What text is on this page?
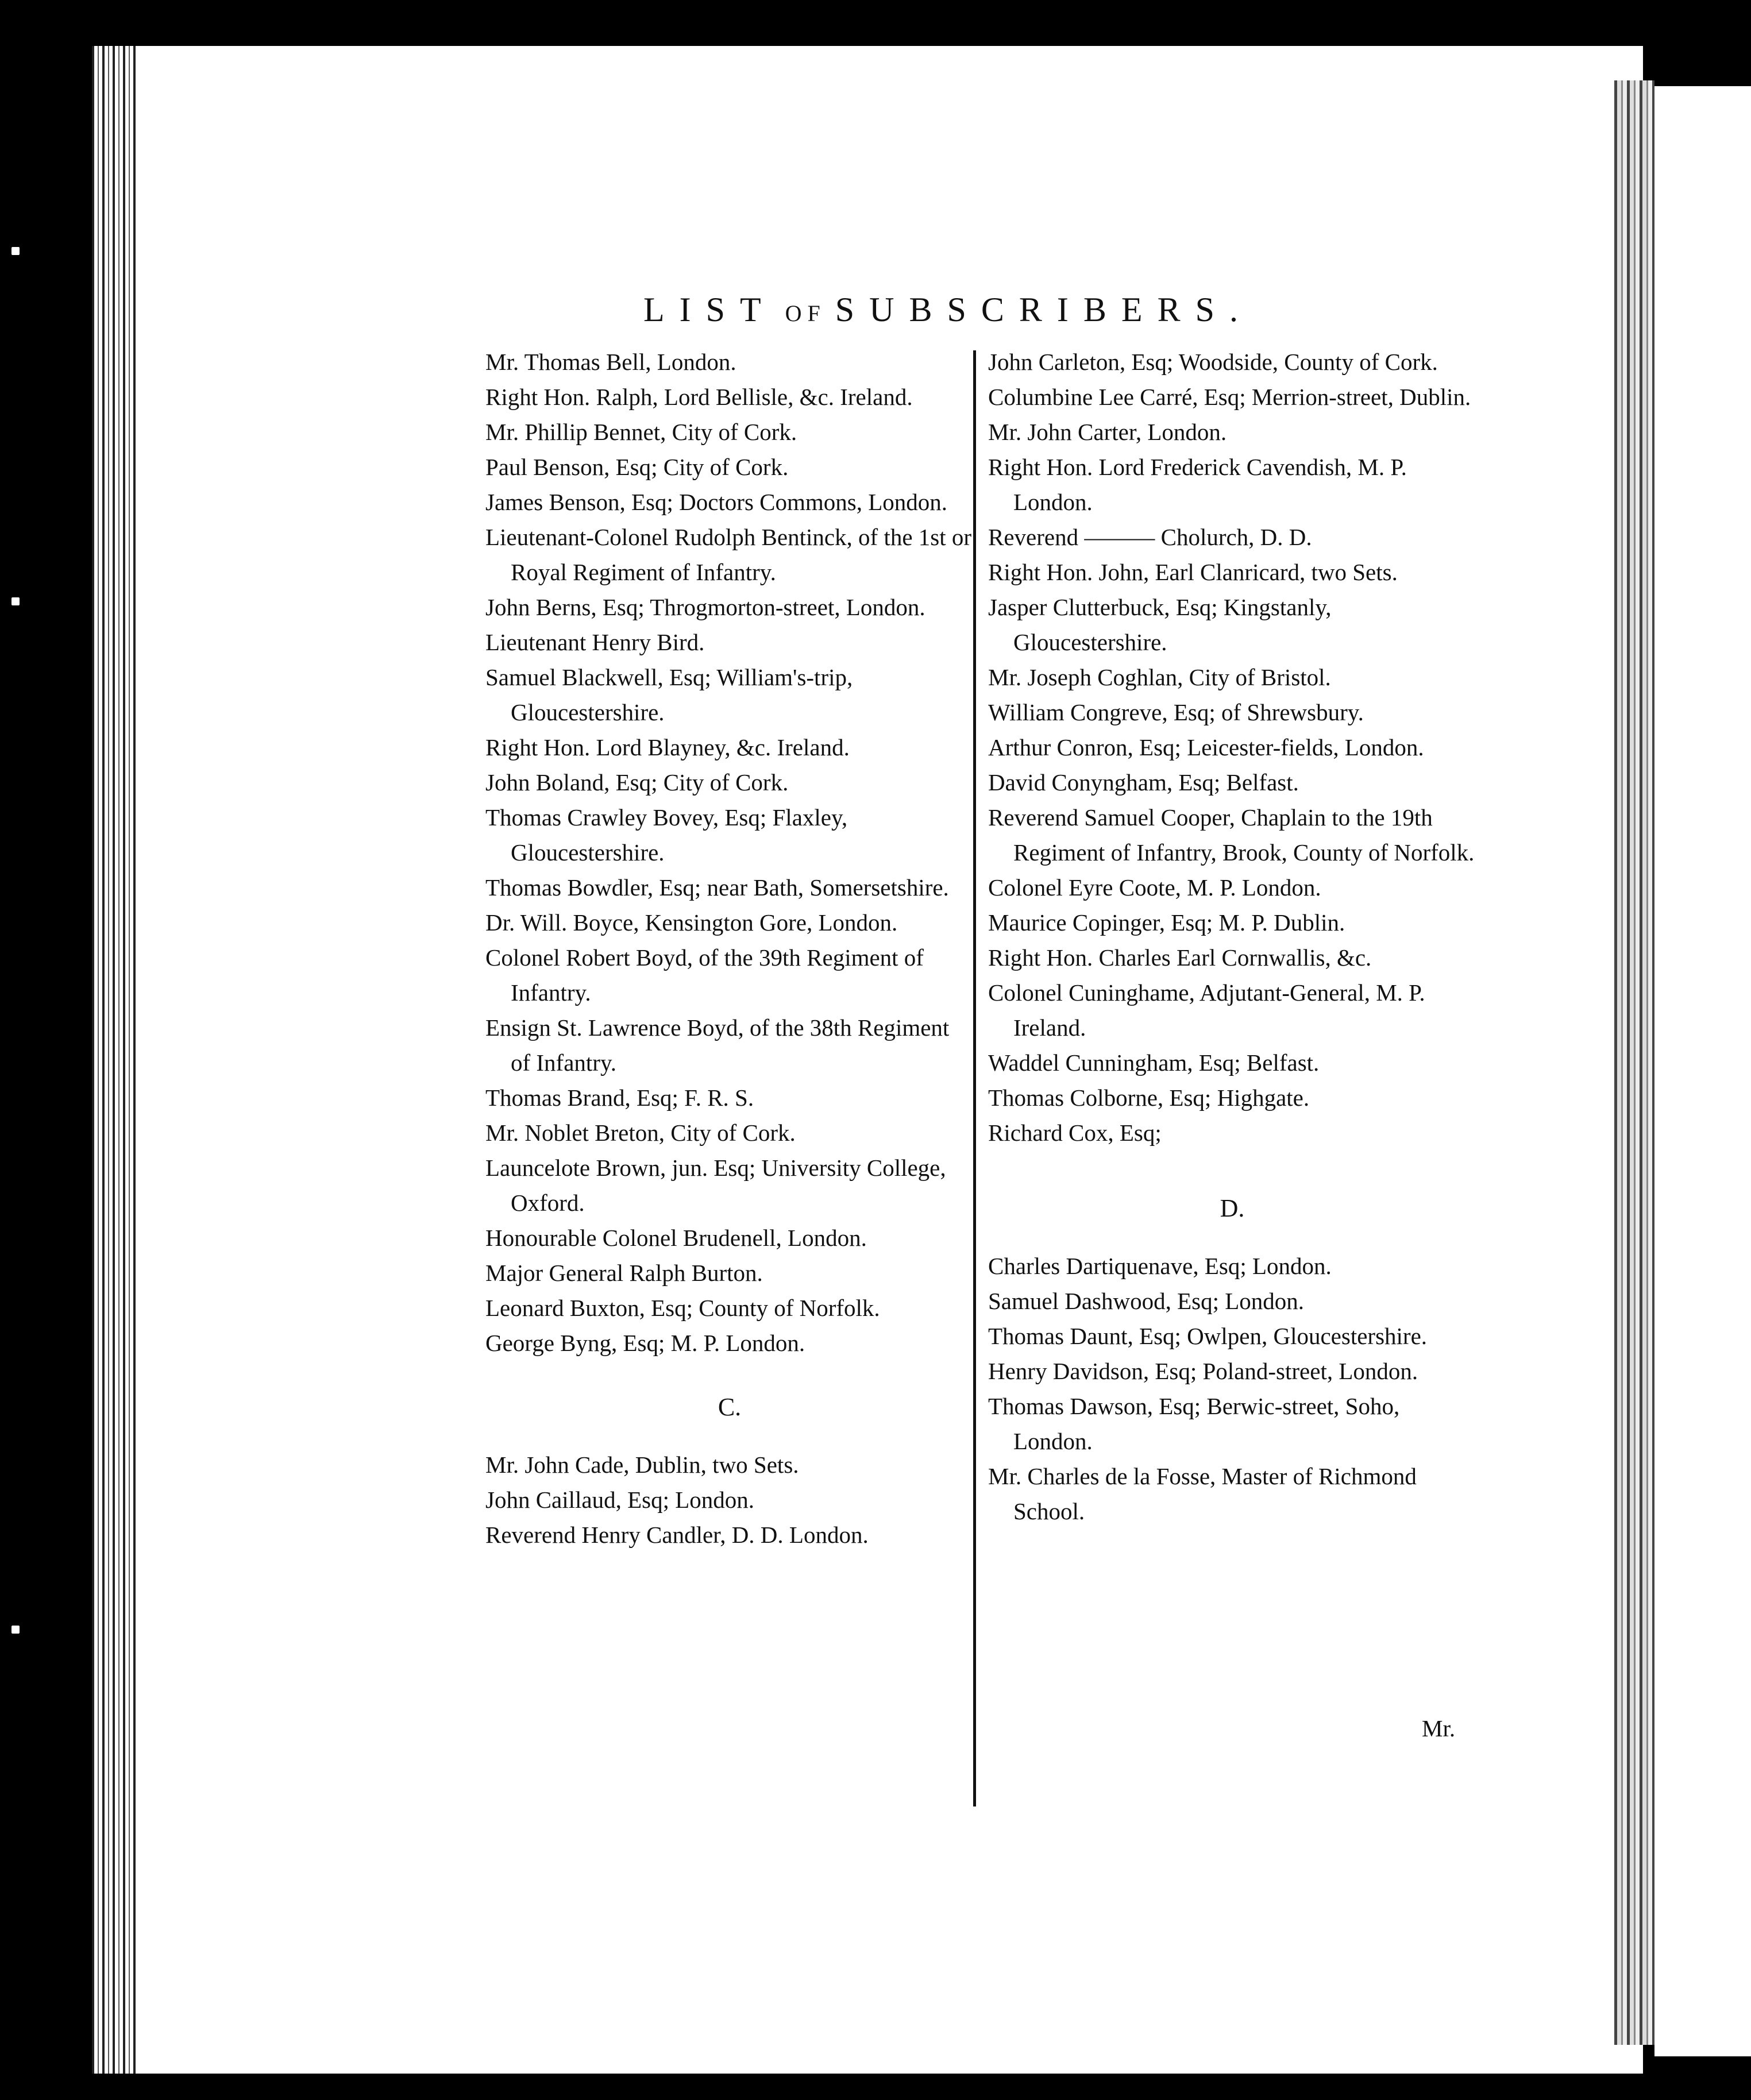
LIST OF SUBSCRIBERS.

Mr. Thomas Bell, London.

Right Hon. Ralph, Lord Bellisle, &c. Ireland.

Mr. Phillip Bennet, City of Cork.

Paul Benson, Esq; City of Cork.

James Benson, Esq; Doctors Commons, London.

Lieutenant-Colonel Rudolph Bentinck, of the 1st or Royal Regiment of Infantry.

John Berns, Esq; Throgmorton-street, London.

Lieutenant Henry Bird.

Samuel Blackwell, Esq; William's-trip, Gloucestershire.

Right Hon. Lord Blayney, &c. Ireland.

John Boland, Esq; City of Cork.

Thomas Crawley Bovey, Esq; Flaxley, Gloucestershire.

Thomas Bowdler, Esq; near Bath, Somersetshire.

Dr. Will. Boyce, Kensington Gore, London.

Colonel Robert Boyd, of the 39th Regiment of Infantry.

Ensign St. Lawrence Boyd, of the 38th Regiment of Infantry.

Thomas Brand, Esq; F. R. S.

Mr. Noblet Breton, City of Cork.

Launcelote Brown, jun. Esq; University College, Oxford.

Honourable Colonel Brudenell, London.

Major General Ralph Burton.

Leonard Buxton, Esq; County of Norfolk.

George Byng, Esq; M. P. London.

C.

Mr. John Cade, Dublin, two Sets.

John Caillaud, Esq; London.

Reverend Henry Candler, D. D. London.

John Carleton, Esq; Woodside, County of Cork.

Columbine Lee Carré, Esq; Merrion-street, Dublin.

Mr. John Carter, London.

Right Hon. Lord Frederick Cavendish, M. P. London.

Reverend ——— Cholurch, D. D.

Right Hon. John, Earl Clanricard, two Sets.

Jasper Clutterbuck, Esq; Kingstanly, Gloucestershire.

Mr. Joseph Coghlan, City of Bristol.

William Congreve, Esq; of Shrewsbury.

Arthur Conron, Esq; Leicester-fields, London.

David Conyngham, Esq; Belfast.

Reverend Samuel Cooper, Chaplain to the 19th Regiment of Infantry, Brook, County of Norfolk.

Colonel Eyre Coote, M. P. London.

Maurice Copinger, Esq; M. P. Dublin.

Right Hon. Charles Earl Cornwallis, &c.

Colonel Cuninghame, Adjutant-General, M. P. Ireland.

Waddel Cunningham, Esq; Belfast.

Thomas Colborne, Esq; Highgate.

Richard Cox, Esq;

D.

Charles Dartiquenave, Esq; London.

Samuel Dashwood, Esq; London.

Thomas Daunt, Esq; Owlpen, Gloucestershire.

Henry Davidson, Esq; Poland-street, London.

Thomas Dawson, Esq; Berwic-street, Soho, London.

Mr. Charles de la Fosse, Master of Richmond School.

Mr.
